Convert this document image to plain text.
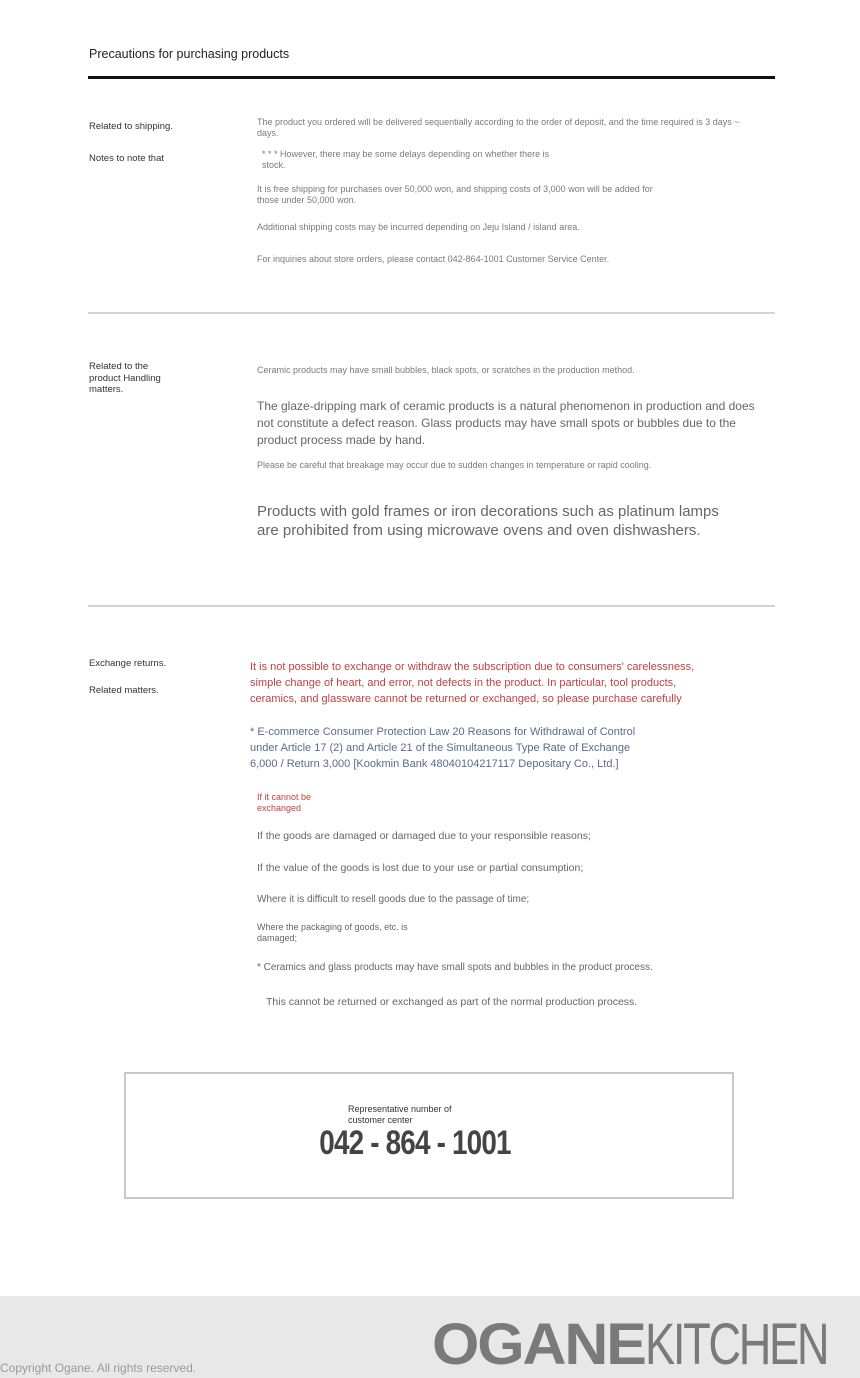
Precautions for purchasing products
Related to shipping.
Notes to note that
The product you ordered will be delivered sequentially according to the order of deposit, and the time required is 3 days ~ days.
* * * However, there may be some delays depending on whether there is stock.
It is free shipping for purchases over 50,000 won, and shipping costs of 3,000 won will be added for those under 50,000 won.
Additional shipping costs may be incurred depending on Jeju Island / island area.
For inquiries about store orders, please contact 042-864-1001 Customer Service Center.
Related to the product Handling matters.
Ceramic products may have small bubbles, black spots, or scratches in the production method.
The glaze-dripping mark of ceramic products is a natural phenomenon in production and does not constitute a defect reason. Glass products may have small spots or bubbles due to the product process made by hand.
Please be careful that breakage may occur due to sudden changes in temperature or rapid cooling.
Products with gold frames or iron decorations such as platinum lamps are prohibited from using microwave ovens and oven dishwashers.
Exchange returns.
Related matters.
It is not possible to exchange or withdraw the subscription due to consumers' carelessness, simple change of heart, and error, not defects in the product. In particular, tool products, ceramics, and glassware cannot be returned or exchanged, so please purchase carefully
* E-commerce Consumer Protection Law 20 Reasons for Withdrawal of Control under Article 17 (2) and Article 21 of the Simultaneous Type Rate of Exchange 6,000 / Return 3,000 [Kookmin Bank 48040104217117 Depositary Co., Ltd.]
If it cannot be exchanged
If the goods are damaged or damaged due to your responsible reasons;
If the value of the goods is lost due to your use or partial consumption;
Where it is difficult to resell goods due to the passage of time;
Where the packaging of goods, etc. is damaged;
* Ceramics and glass products may have small spots and bubbles in the product process.
This cannot be returned or exchanged as part of the normal production process.
Representative number of customer center
042 - 864 - 1001
Copyright Ogane. All rights reserved.	OGANEKITCHEN
